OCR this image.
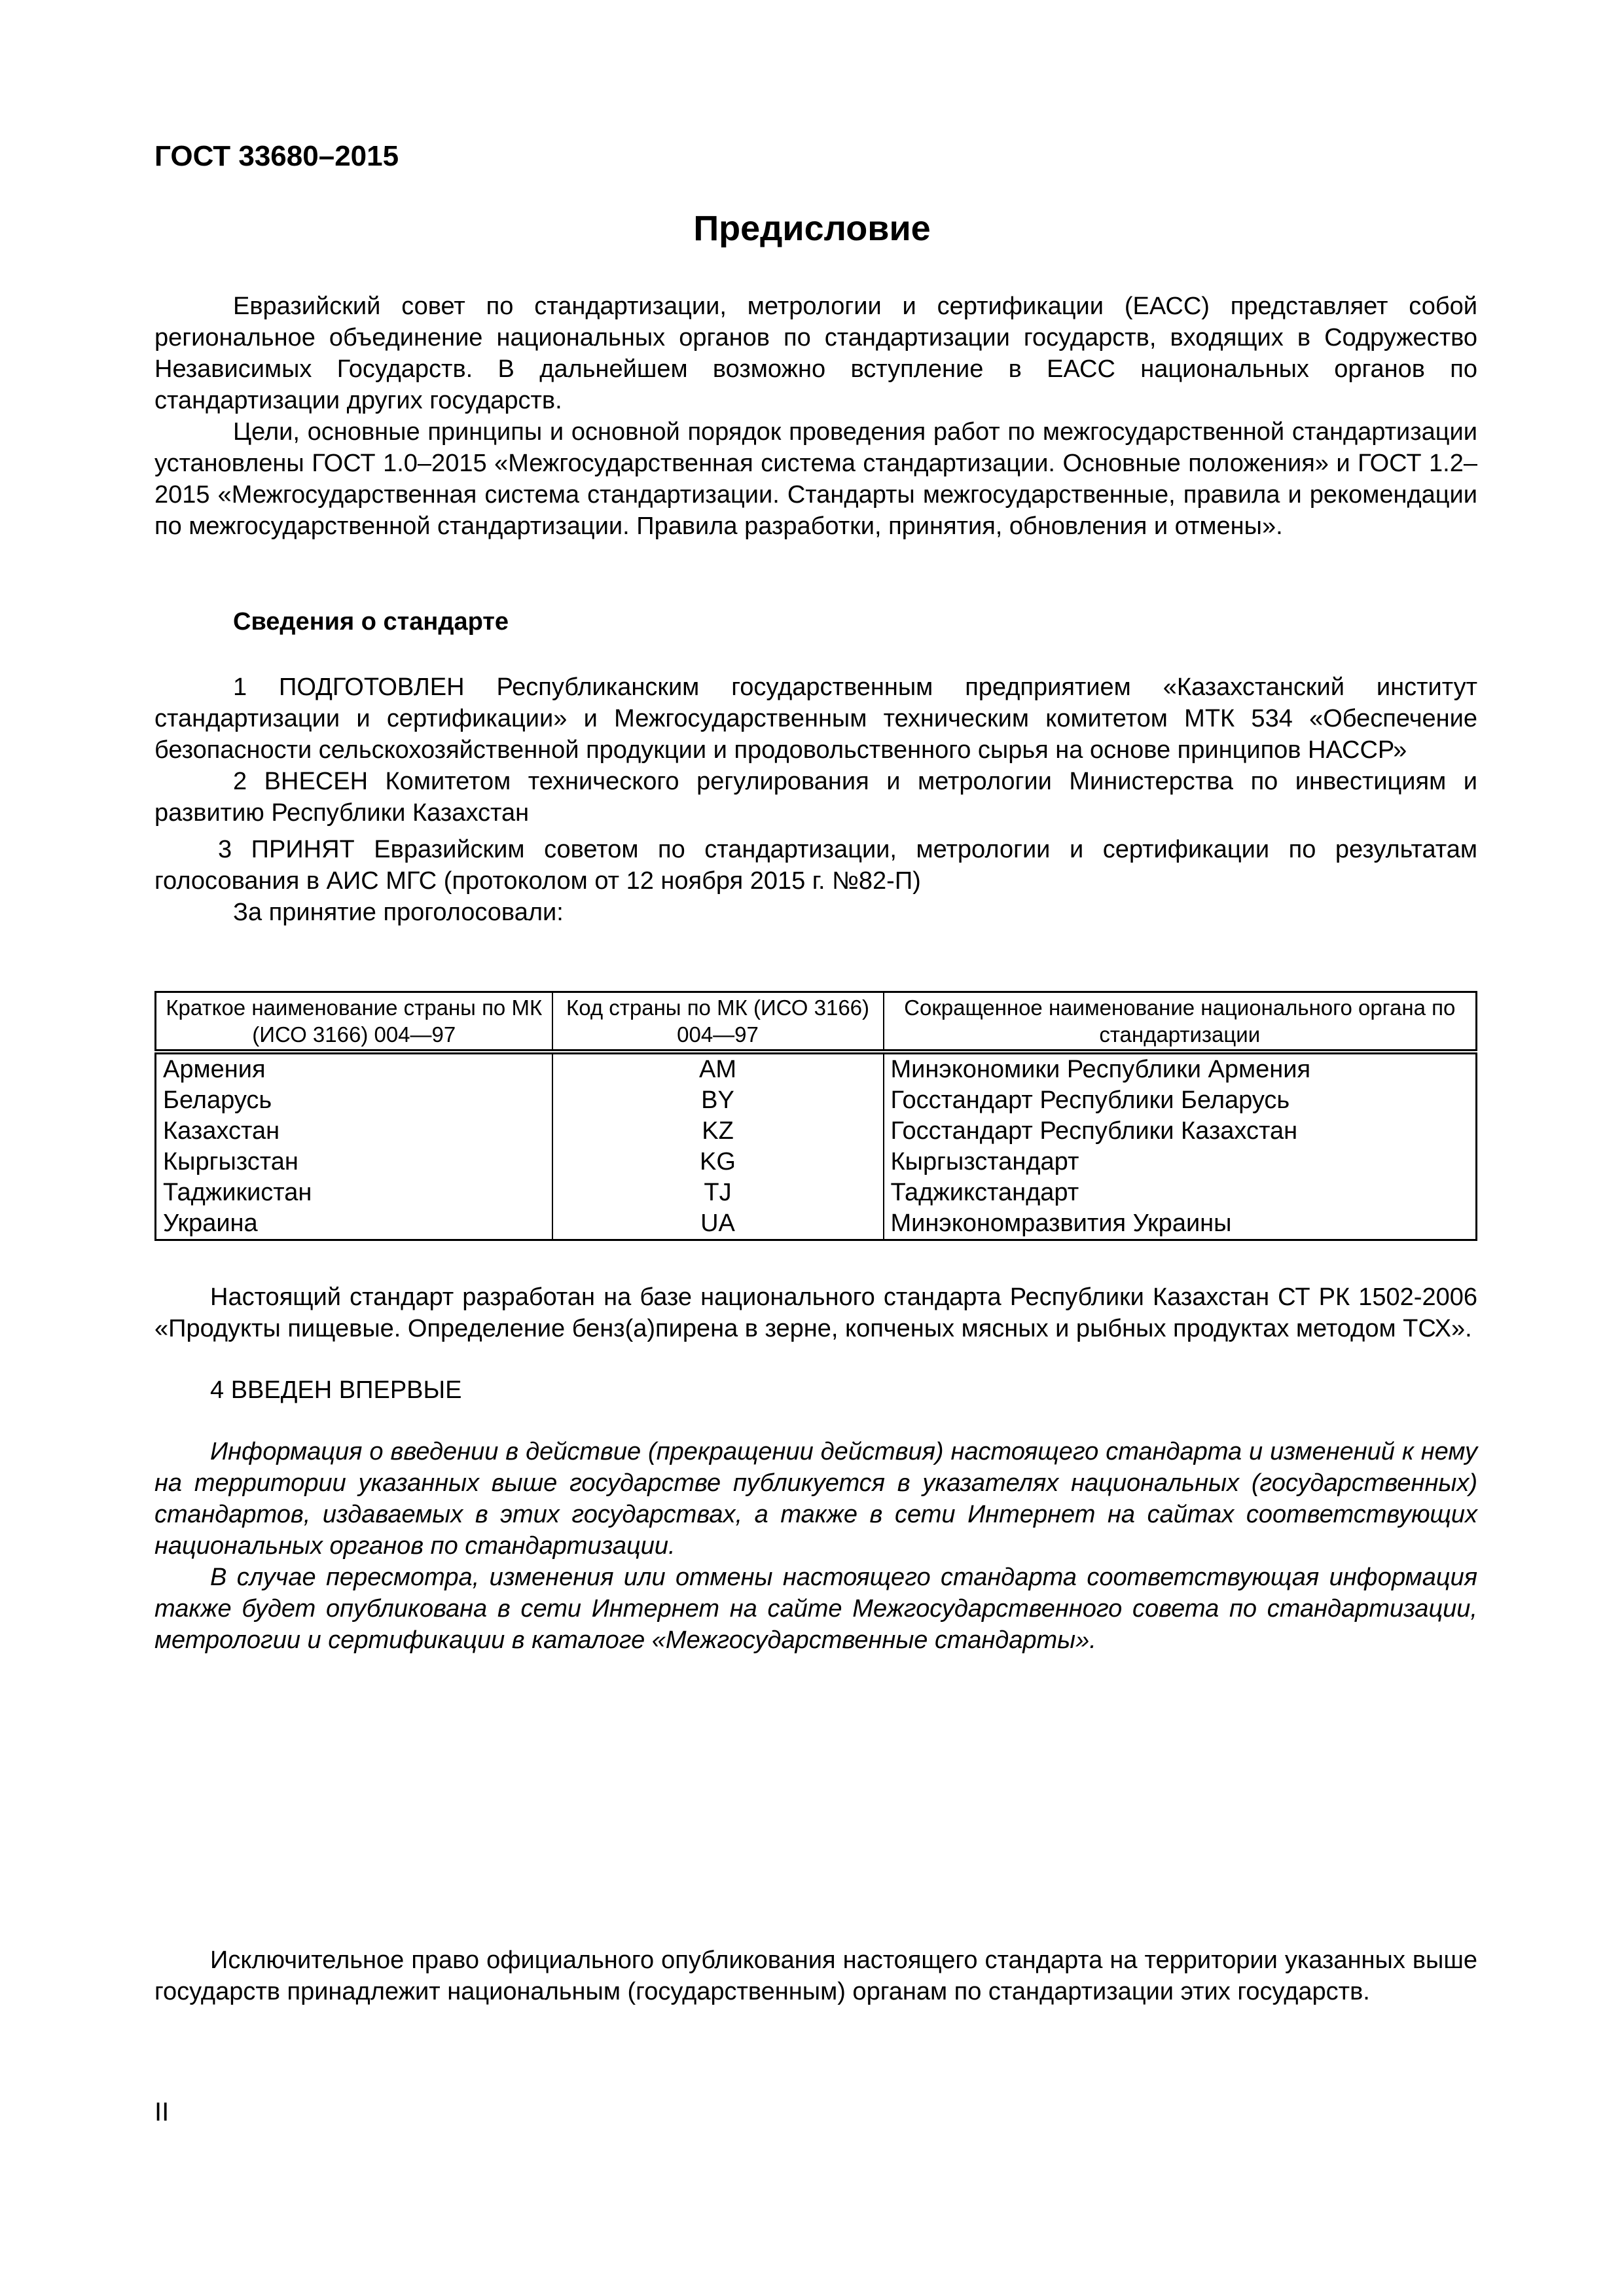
ГОСТ 33680–2015
Предисловие

Евразийский совет по стандартизации, метрологии и сертификации (ЕАСС) представляет собой региональное объединение национальных органов по стандартизации государств, входящих в Содружество Независимых Государств. В дальнейшем возможно вступление в ЕАСС национальных органов по стандартизации других государств.

Цели, основные принципы и основной порядок проведения работ по межгосударственной стандартизации установлены ГОСТ 1.0–2015 «Межгосударственная система стандартизации. Основные положения» и ГОСТ 1.2–2015 «Межгосударственная система стандартизации. Стандарты межгосударственные, правила и рекомендации по межгосударственной стандартизации. Правила разработки, принятия, обновления и отмены».

Сведения о стандарте

1 ПОДГОТОВЛЕН Республиканским государственным предприятием «Казахстанский институт стандартизации и сертификации» и Межгосударственным техническим комитетом МТК 534 «Обеспечение безопасности сельскохозяйственной продукции и продовольственного сырья на основе принципов НАССР»

2 ВНЕСЕН Комитетом технического регулирования и метрологии Министерства по инвестициям и развитию Республики Казахстан

3 ПРИНЯТ Евразийским советом по стандартизации, метрологии и сертификации по результатам голосования в АИС МГС (протоколом от 12 ноября 2015 г. №82-П)

За принятие проголосовали:

Краткое наименование страны по МК (ИСО 3166) 004—97	Код страны по МК (ИСО 3166) 004—97	Сокращенное наименование национального органа по стандартизации
Армения	AM	Минэкономики Республики Армения
Беларусь	BY	Госстандарт Республики Беларусь
Казахстан	KZ	Госстандарт Республики Казахстан
Кыргызстан	KG	Кыргызстандарт
Таджикистан	TJ	Таджикстандарт
Украина	UA	Минэкономразвития Украины

Настоящий стандарт разработан на базе национального стандарта Республики Казахстан СТ РК 1502-2006 «Продукты пищевые. Определение бенз(а)пирена в зерне, копченых мясных и рыбных продуктах методом ТСХ».

4 ВВЕДЕН ВПЕРВЫЕ

Информация о введении в действие (прекращении действия) настоящего стандарта и изменений к нему на территории указанных выше государстве публикуется в указателях национальных (государственных) стандартов, издаваемых в этих государствах, а также в сети Интернет на сайтах соответствующих национальных органов по стандартизации.

В случае пересмотра, изменения или отмены настоящего стандарта соответствующая информация также будет опубликована в сети Интернет на сайте Межгосударственного совета по стандартизации, метрологии и сертификации в каталоге «Межгосударственные стандарты».

Исключительное право официального опубликования настоящего стандарта на территории указанных выше государств принадлежит национальным (государственным) органам по стандартизации этих государств.

II
